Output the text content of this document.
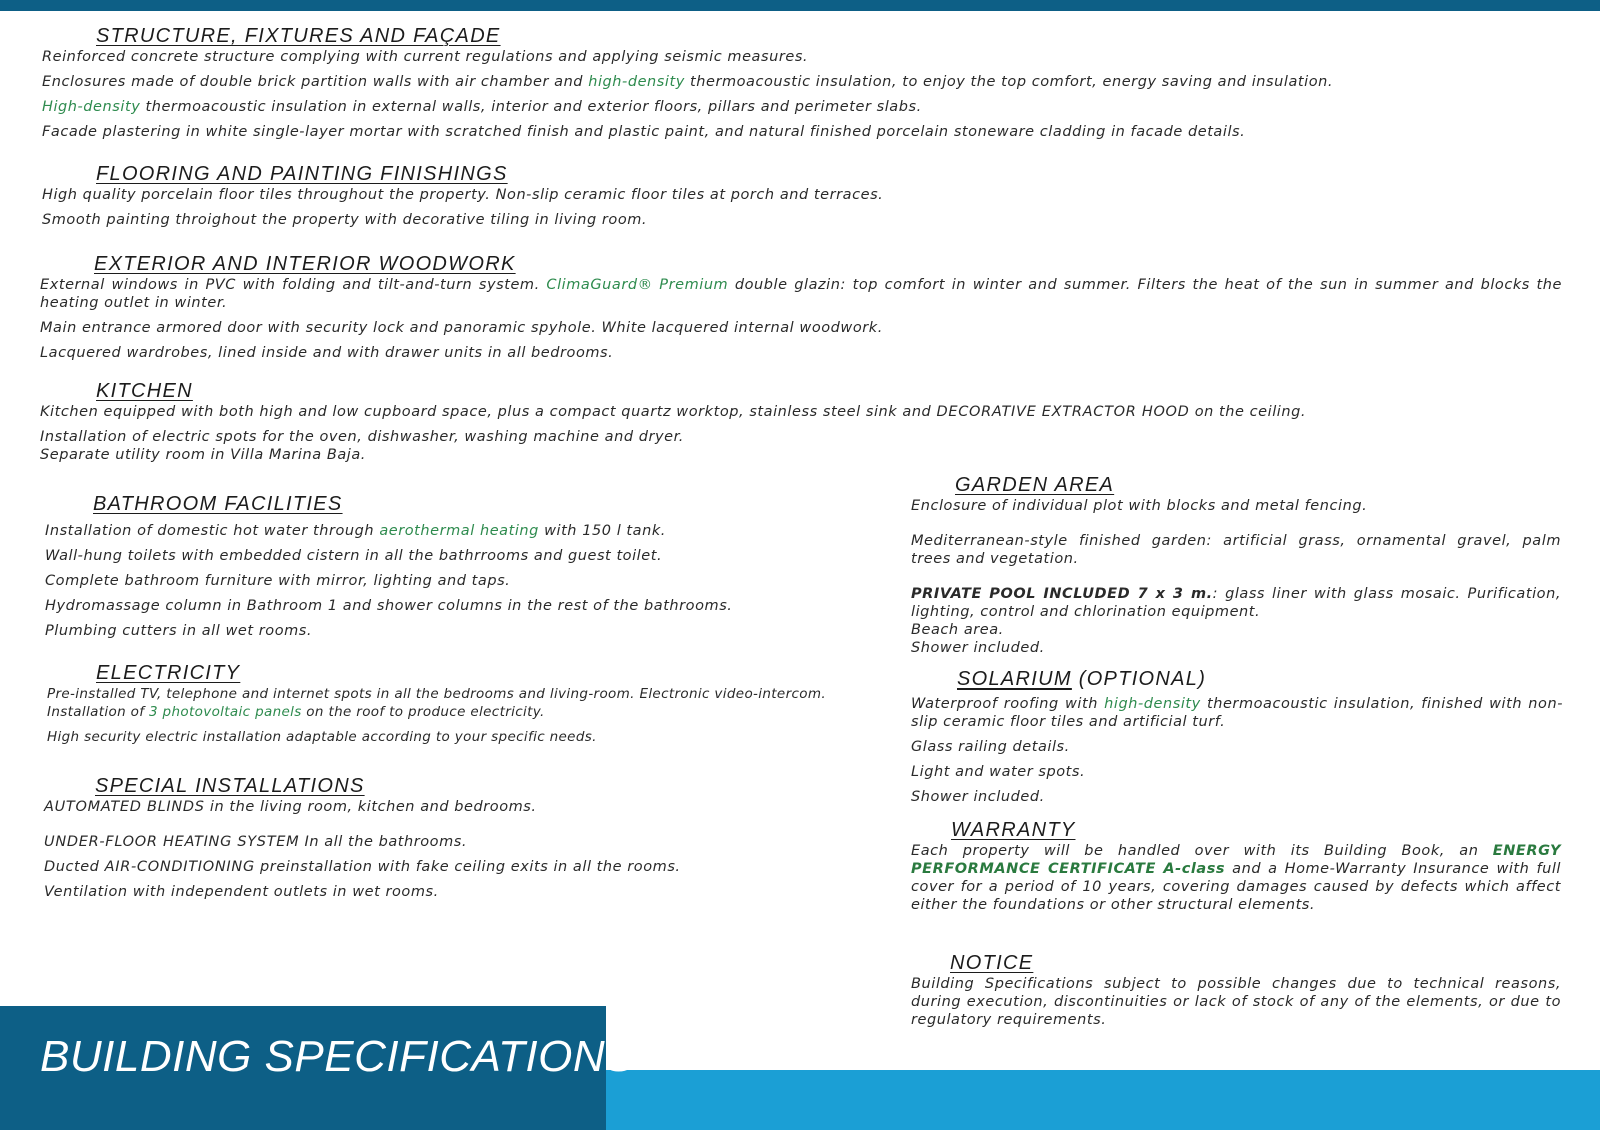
STRUCTURE, FIXTURES AND FAÇADE

Reinforced concrete structure complying with current regulations and applying seismic measures.

Enclosures made of double brick partition walls with air chamber and high-density thermoacoustic insulation, to enjoy the top comfort, energy saving and insulation.

High-density thermoacoustic insulation in external walls, interior and exterior floors, pillars and perimeter slabs.

Facade plastering in white single-layer mortar with scratched finish and plastic paint, and natural finished porcelain stoneware cladding in facade details.

FLOORING AND PAINTING FINISHINGS

High quality porcelain floor tiles throughout the property. Non-slip ceramic floor tiles at porch and terraces.

Smooth painting throighout the property with decorative tiling in living room.

EXTERIOR AND INTERIOR WOODWORK

External windows in PVC with folding and tilt-and-turn system. ClimaGuard® Premium double glazin: top comfort in winter and summer. Filters the heat of the sun in summer and blocks the heating outlet in winter.

Main entrance armored door with security lock and panoramic spyhole. White lacquered internal woodwork.

Lacquered wardrobes, lined inside and with drawer units in all bedrooms.

KITCHEN

Kitchen equipped with both high and low cupboard space, plus a compact quartz worktop, stainless steel sink and DECORATIVE EXTRACTOR HOOD on the ceiling.

Installation of electric spots for the oven, dishwasher, washing machine and dryer.

Separate utility room in Villa Marina Baja.

BATHROOM FACILITIES

Installation of domestic hot water through aerothermal heating with 150 l tank.

Wall-hung toilets with embedded cistern in all the bathrrooms and guest toilet.

Complete bathroom furniture with mirror, lighting and taps.

Hydromassage column in Bathroom 1 and shower columns in the rest of the bathrooms.

Plumbing cutters in all wet rooms.

ELECTRICITY

Pre-installed TV, telephone and internet spots in all the bedrooms and living-room. Electronic video-intercom.

Installation of 3 photovoltaic panels on the roof to produce electricity.

High security electric installation adaptable according to your specific needs.

SPECIAL INSTALLATIONS

AUTOMATED BLINDS in the living room, kitchen and bedrooms.

UNDER-FLOOR HEATING SYSTEM In all the bathrooms.

Ducted AIR-CONDITIONING preinstallation with fake ceiling exits in all the rooms.

Ventilation with independent outlets in wet rooms.

GARDEN AREA

Enclosure of individual plot with blocks and metal fencing.

Mediterranean-style finished garden: artificial grass, ornamental gravel, palm trees and vegetation.

PRIVATE POOL INCLUDED 7 x 3 m.: glass liner with glass mosaic. Purification, lighting, control and chlorination equipment.

Beach area.

Shower included.

SOLARIUM (OPTIONAL)

Waterproof roofing with high-density thermoacoustic insulation, finished with non-slip ceramic floor tiles and artificial turf.

Glass railing details.

Light and water spots.

Shower included.

WARRANTY

Each property will be handled over with its Building Book, an ENERGY PERFORMANCE CERTIFICATE A-class and a Home-Warranty Insurance with full cover for a period of 10 years, covering damages caused by defects which affect either the foundations or other structural elements.

NOTICE

Building Specifications subject to possible changes due to technical reasons, during execution, discontinuities or lack of stock of any of the elements, or due to regulatory requirements.

BUILDING SPECIFICATIONS
